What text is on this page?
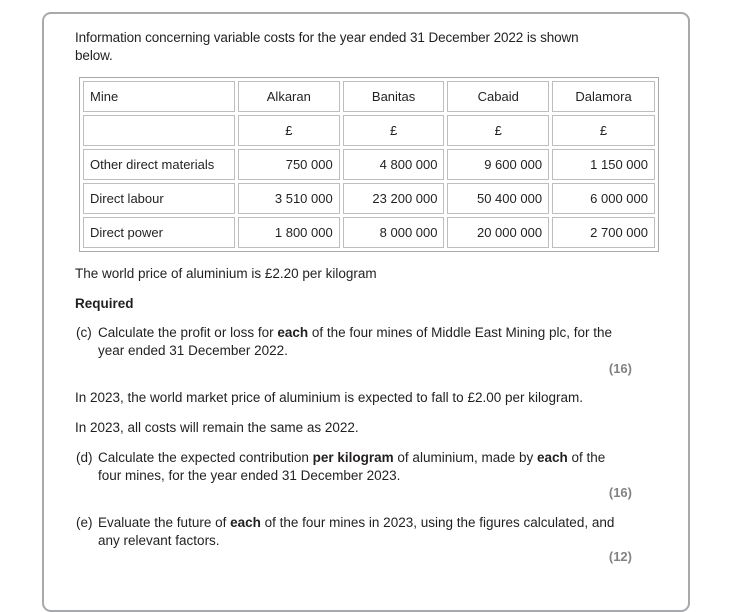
Information concerning variable costs for the year ended 31 December 2022 is shown below.
Mine	Alkaran	Banitas	Cabaid	Dalamora
	£	£	£	£
Other direct materials	750 000	4 800 000	9 600 000	1 150 000
Direct labour	3 510 000	23 200 000	50 400 000	6 000 000
Direct power	1 800 000	8 000 000	20 000 000	2 700 000
The world price of aluminium is £2.20 per kilogram
Required
(c) Calculate the profit or loss for each of the four mines of Middle East Mining plc, for the year ended 31 December 2022.
(16)
In 2023, the world market price of aluminium is expected to fall to £2.00 per kilogram.
In 2023, all costs will remain the same as 2022.
(d) Calculate the expected contribution per kilogram of aluminium, made by each of the four mines, for the year ended 31 December 2023.
(16)
(e) Evaluate the future of each of the four mines in 2023, using the figures calculated, and any relevant factors.
(12)
